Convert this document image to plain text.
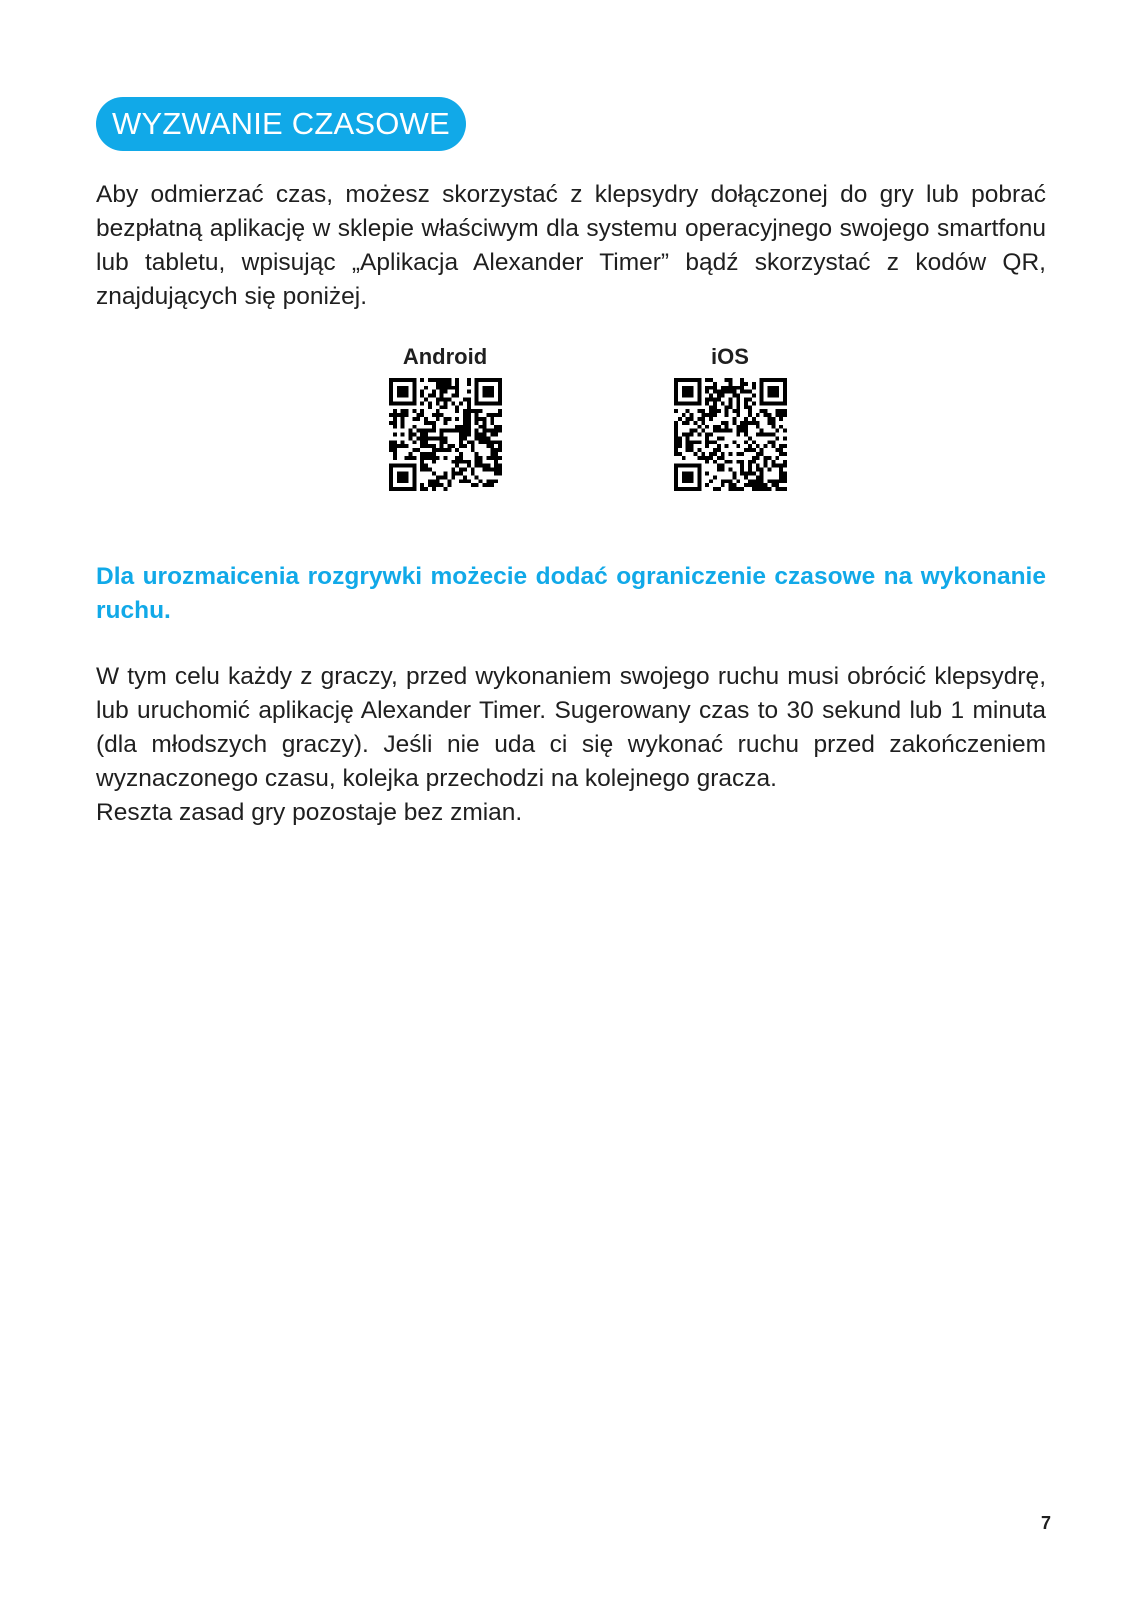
WYZWANIE CZASOWE

Aby odmierzać czas, możesz skorzystać z klepsydry dołączonej do gry lub pobrać bezpłatną aplikację w sklepie właściwym dla systemu operacyjnego swojego smartfonu lub tabletu, wpisując „Aplikacja Alexander Timer” bądź skorzystać z kodów QR, znajdujących się poniżej.

Android	iOS

Dla urozmaicenia rozgrywki możecie dodać ograniczenie czasowe na wykonanie ruchu.

W tym celu każdy z graczy, przed wykonaniem swojego ruchu musi obrócić klepsydrę, lub uruchomić aplikację Alexander Timer. Sugerowany czas to 30 sekund lub 1 minuta (dla młodszych graczy). Jeśli nie uda ci się wykonać ruchu przed zakończeniem wyznaczonego czasu, kolejka przechodzi na kolejnego gracza.
Reszta zasad gry pozostaje bez zmian.
7
